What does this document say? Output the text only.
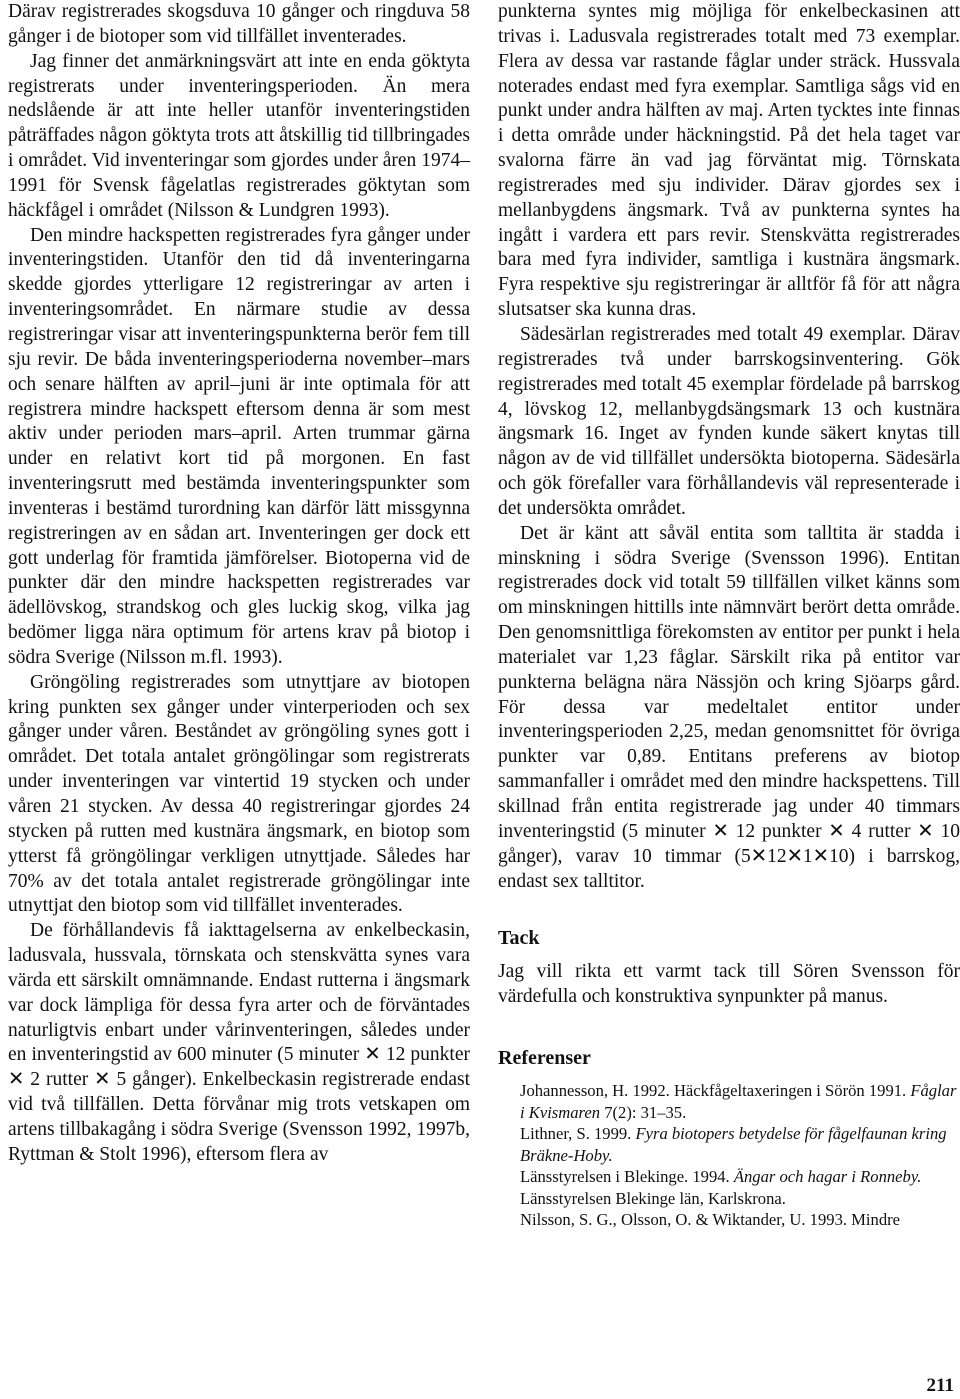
Därav registrerades skogsduva 10 gånger och ringduva 58 gånger i de biotoper som vid tillfället inventerades.

Jag finner det anmärkningsvärt att inte en enda göktyta registrerats under inventeringsperioden. Än mera nedslående är att inte heller utanför inventeringstiden påträffades någon göktyta trots att åtskillig tid tillbringades i området. Vid inventeringar som gjordes under åren 1974–1991 för Svensk fågelatlas registrerades göktytan som häckfågel i området (Nilsson & Lundgren 1993).

Den mindre hackspetten registrerades fyra gånger under inventeringstiden. Utanför den tid då inventeringarna skedde gjordes ytterligare 12 registreringar av arten i inventeringsområdet. En närmare studie av dessa registreringar visar att inventeringspunkterna berör fem till sju revir. De båda inventeringsperioderna november–mars och senare hälften av april–juni är inte optimala för att registrera mindre hackspett eftersom denna är som mest aktiv under perioden mars–april. Arten trummar gärna under en relativt kort tid på morgonen. En fast inventeringsrutt med bestämda inventeringspunkter som inventeras i bestämd turordning kan därför lätt missgynna registreringen av en sådan art. Inventeringen ger dock ett gott underlag för framtida jämförelser. Biotoperna vid de punkter där den mindre hackspetten registrerades var ädellövskog, strandskog och gles luckig skog, vilka jag bedömer ligga nära optimum för artens krav på biotop i södra Sverige (Nilsson m.fl. 1993).

Gröngöling registrerades som utnyttjare av biotopen kring punkten sex gånger under vinterperioden och sex gånger under våren. Beståndet av gröngöling synes gott i området. Det totala antalet gröngölingar som registrerats under inventeringen var vintertid 19 stycken och under våren 21 stycken. Av dessa 40 registreringar gjordes 24 stycken på rutten med kustnära ängsmark, en biotop som ytterst få gröngölingar verkligen utnyttjade. Således har 70% av det totala antalet registrerade gröngölingar inte utnyttjat den biotop som vid tillfället inventerades.

De förhållandevis få iakttagelserna av enkelbeckasin, ladusvala, hussvala, törnskata och stenskvätta synes vara värda ett särskilt omnämnande. Endast rutterna i ängsmark var dock lämpliga för dessa fyra arter och de förväntades naturligtvis enbart under vårinventeringen, således under en inventeringstid av 600 minuter (5 minuter ✕ 12 punkter ✕ 2 rutter ✕ 5 gånger). Enkelbeckasin registrerade endast vid två tillfällen. Detta förvånar mig trots vetskapen om artens tillbakagång i södra Sverige (Svensson 1992, 1997b, Ryttman & Stolt 1996), eftersom flera av

punkterna syntes mig möjliga för enkelbeckasinen att trivas i. Ladusvala registrerades totalt med 73 exemplar. Flera av dessa var rastande fåglar under sträck. Hussvala noterades endast med fyra exemplar. Samtliga sågs vid en punkt under andra hälften av maj. Arten tycktes inte finnas i detta område under häckningstid. På det hela taget var svalorna färre än vad jag förväntat mig. Törnskata registrerades med sju individer. Därav gjordes sex i mellanbygdens ängsmark. Två av punkterna syntes ha ingått i vardera ett pars revir. Stenskvätta registrerades bara med fyra individer, samtliga i kustnära ängsmark. Fyra respektive sju registreringar är alltför få för att några slutsatser ska kunna dras.

Sädesärlan registrerades med totalt 49 exemplar. Därav registrerades två under barrskogsinventering. Gök registrerades med totalt 45 exemplar fördelade på barrskog 4, lövskog 12, mellanbygdsängsmark 13 och kustnära ängsmark 16. Inget av fynden kunde säkert knytas till någon av de vid tillfället undersökta biotoperna. Sädesärla och gök förefaller vara förhållandevis väl representerade i det undersökta området.

Det är känt att såväl entita som talltita är stadda i minskning i södra Sverige (Svensson 1996). Entitan registrerades dock vid totalt 59 tillfällen vilket känns som om minskningen hittills inte nämnvärt berört detta område. Den genomsnittliga förekomsten av entitor per punkt i hela materialet var 1,23 fåglar. Särskilt rika på entitor var punkterna belägna nära Nässjön och kring Sjöarps gård. För dessa var medeltalet entitor under inventeringsperioden 2,25, medan genomsnittet för övriga punkter var 0,89. Entitans preferens av biotop sammanfaller i området med den mindre hackspettens. Till skillnad från entita registrerade jag under 40 timmars inventeringstid (5 minuter ✕ 12 punkter ✕ 4 rutter ✕ 10 gånger), varav 10 timmar (5✕12✕1✕10) i barrskog, endast sex talltitor.

Tack

Jag vill rikta ett varmt tack till Sören Svensson för värdefulla och konstruktiva synpunkter på manus.

Referenser

Johannesson, H. 1992. Häckfågeltaxeringen i Sörön 1991. Fåglar i Kvismaren 7(2): 31–35.

Lithner, S. 1999. Fyra biotopers betydelse för fågelfaunan kring Bräkne-Hoby.

Länsstyrelsen i Blekinge. 1994. Ängar och hagar i Ronneby. Länsstyrelsen Blekinge län, Karlskrona.

Nilsson, S. G., Olsson, O. & Wiktander, U. 1993. Mindre

211
